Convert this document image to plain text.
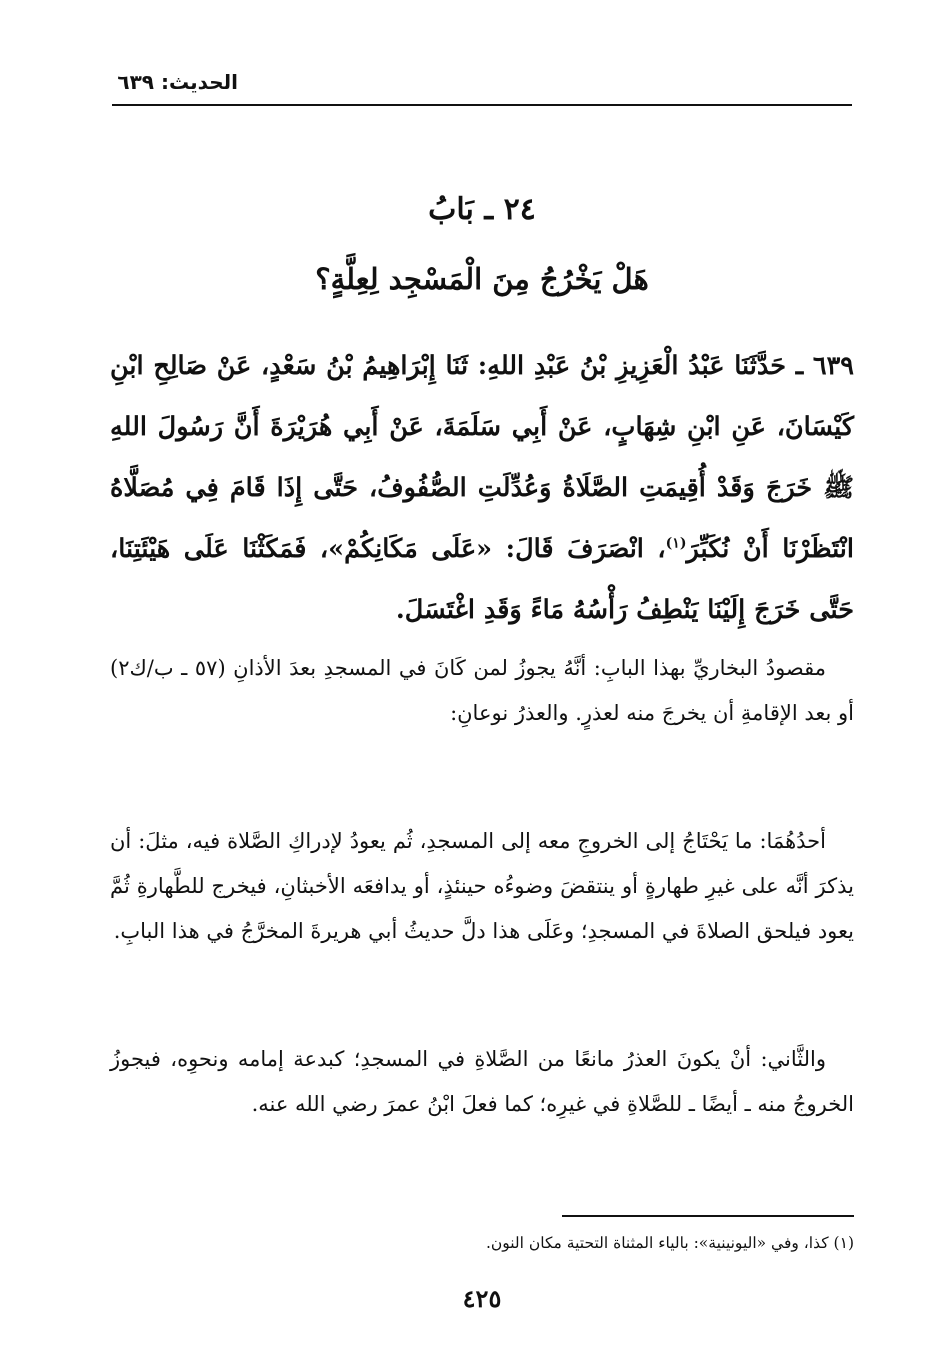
الحديث: ٦٣٩
٢٤ ـ بَابُ
هَلْ يَخْرُجُ مِنَ الْمَسْجِد لِعِلَّةٍ؟
٦٣٩ ـ حَدَّثَنَا عَبْدُ الْعَزِيزِ بْنُ عَبْدِ اللهِ: ثَنَا إِبْرَاهِيمُ بْنُ سَعْدٍ، عَنْ صَالِحِ ابْنِ كَيْسَانَ، عَنِ ابْنِ شِهَابٍ، عَنْ أَبِي سَلَمَةَ، عَنْ أَبِي هُرَيْرَةَ أَنَّ رَسُولَ اللهِ ﷺ خَرَجَ وَقَدْ أُقِيمَتِ الصَّلَاةُ وَعُدِّلَتِ الصُّفُوفُ، حَتَّى إِذَا قَامَ فِي مُصَلَّاهُ انْتَظَرْنَا أَنْ نُكَبِّرَ$^{(١)}$، انْصَرَفَ قَالَ: «عَلَى مَكَانِكُمْ»، فَمَكَثْنَا عَلَى هَيْئَتِنَا، حَتَّى خَرَجَ إِلَيْنَا يَنْطِفُ رَأْسُهُ مَاءً وَقَدِ اغْتَسَلَ.
مقصودُ البخاريِّ بهذا البابِ: أنَّهُ يجوزُ لمن كَانَ في المسجدِ بعدَ الأذانِ (٥٧ ـ ب/ك٢) أو بعد الإقامةِ أن يخرجَ منه لعذرٍ. والعذرُ نوعانِ:
أحدُهُمَا: ما يَحْتَاجُ إلى الخروجِ معه إلى المسجدِ، ثُم يعودُ لإدراكِ الصَّلاة فيه، مثلَ: أن يذكرَ أنَّه على غيرِ طهارةٍ أو ينتقضَ وضوءُه حينئذٍ، أو يدافعَه الأخبثانِ، فيخرج للطَّهارةِ ثُمَّ يعود فيلحق الصلاةَ في المسجدِ؛ وعَلَى هذا دلَّ حديثُ أبي هريرةَ المخرَّجُ في هذا البابِ.
والثَّاني: أنْ يكونَ العذرُ مانعًا من الصَّلاةِ في المسجدِ؛ كبدعة إمامه ونحوِه، فيجوزُ الخروجُ منه ـ أيضًا ـ للصَّلاةِ في غيرِه؛ كما فعلَ ابْنُ عمرَ رضي الله عنه.
(١) كذا، وفي «اليونينية»: بالياء المثناة التحتية مكان النون.
٤٢٥
